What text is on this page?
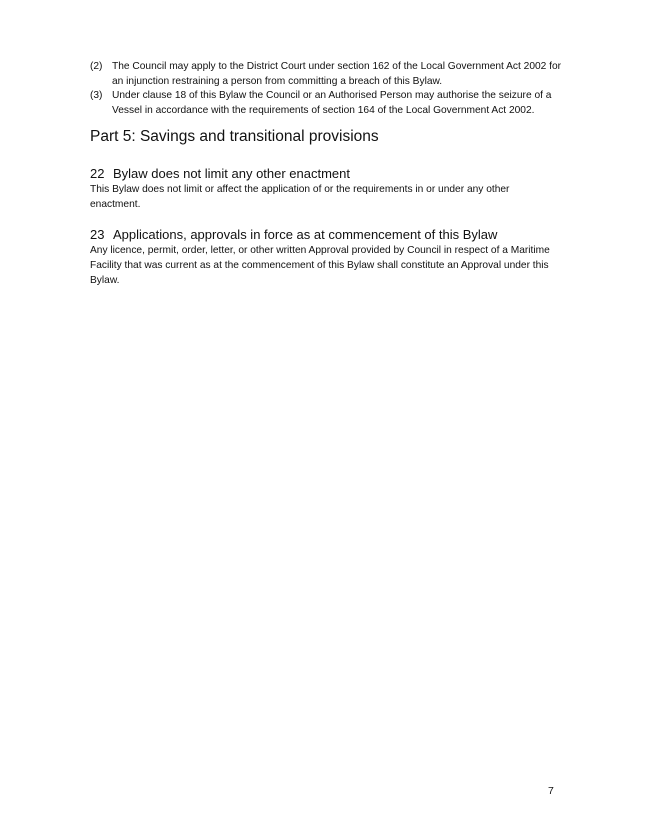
(2) The Council may apply to the District Court under section 162 of the Local Government Act 2002 for an injunction restraining a person from committing a breach of this Bylaw.
(3) Under clause 18 of this Bylaw the Council or an Authorised Person may authorise the seizure of a Vessel in accordance with the requirements of section 164 of the Local Government Act 2002.
Part 5: Savings and transitional provisions
22 Bylaw does not limit any other enactment
This Bylaw does not limit or affect the application of or the requirements in or under any other enactment.
23 Applications, approvals in force as at commencement of this Bylaw
Any licence, permit, order, letter, or other written Approval provided by Council in respect of a Maritime Facility that was current as at the commencement of this Bylaw shall constitute an Approval under this Bylaw.
7
